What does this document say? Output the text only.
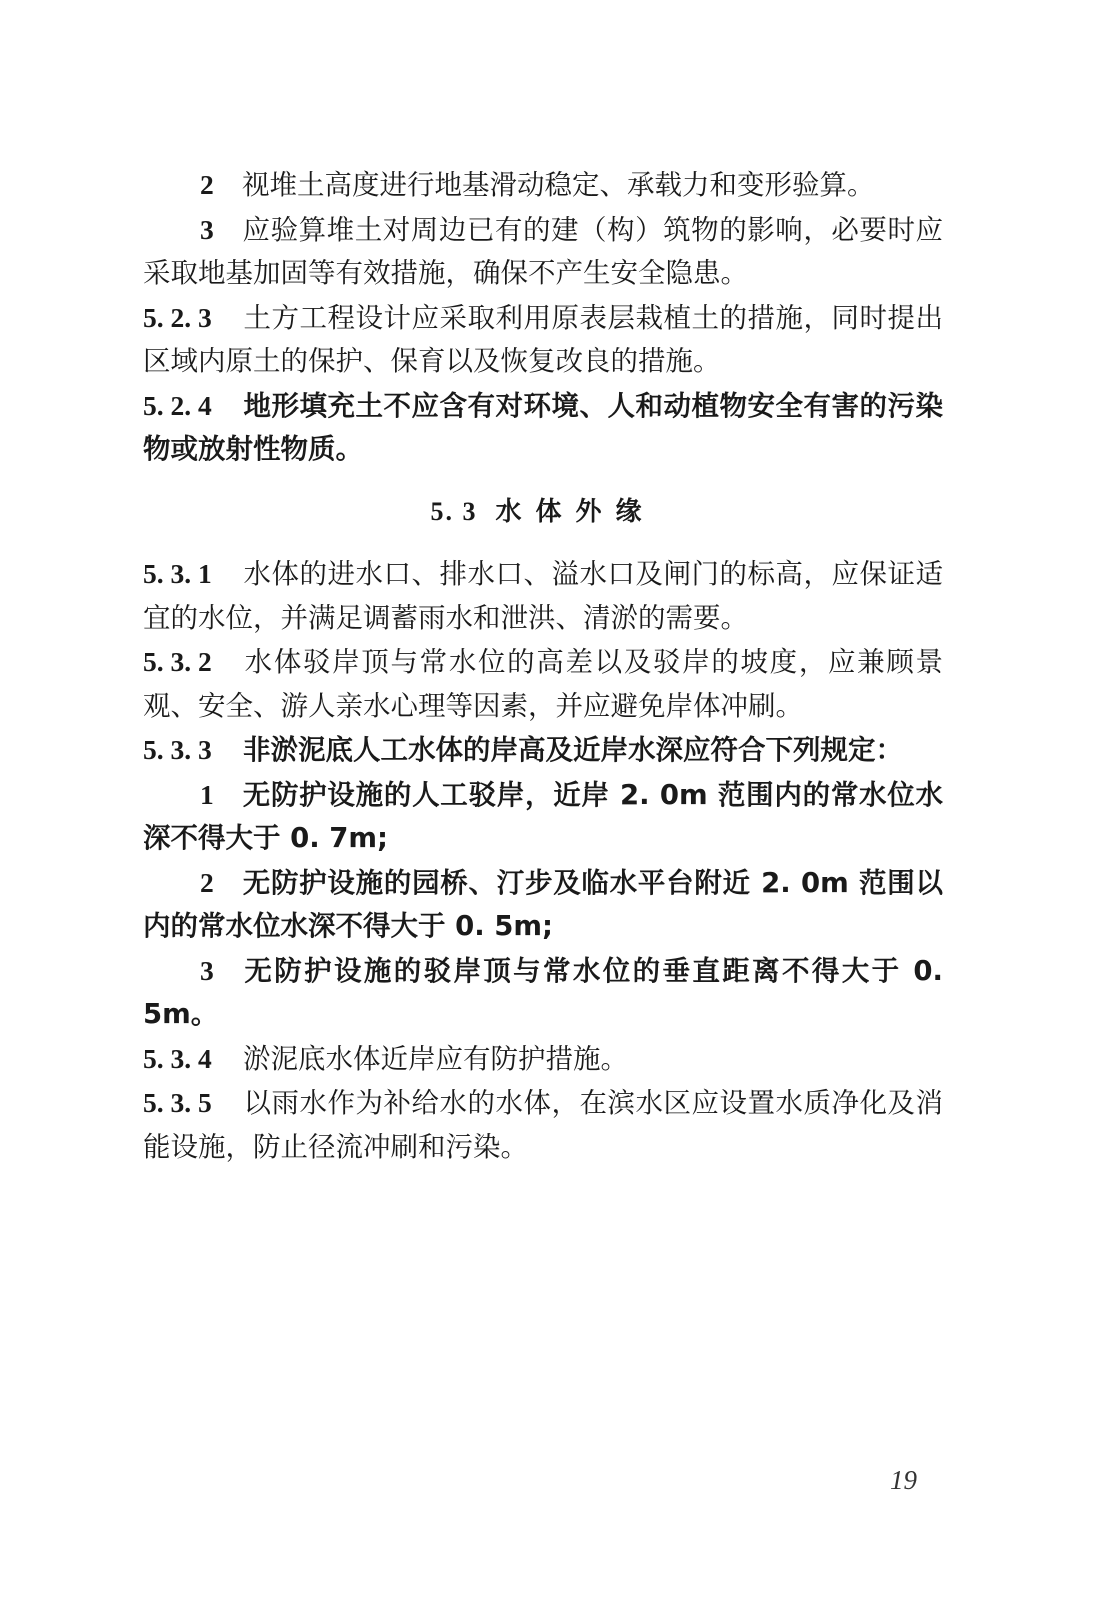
2 视堆土高度进行地基滑动稳定、承载力和变形验算。

3 应验算堆土对周边已有的建（构）筑物的影响，必要时应采取地基加固等有效措施，确保不产生安全隐患。

5. 2. 3 土方工程设计应采取利用原表层栽植土的措施，同时提出区域内原土的保护、保育以及恢复改良的措施。

5. 2. 4 地形填充土不应含有对环境、人和动植物安全有害的污染物或放射性物质。

5. 3 水体外缘

5. 3. 1 水体的进水口、排水口、溢水口及闸门的标高，应保证适宜的水位，并满足调蓄雨水和泄洪、清淤的需要。

5. 3. 2 水体驳岸顶与常水位的高差以及驳岸的坡度，应兼顾景观、安全、游人亲水心理等因素，并应避免岸体冲刷。

5. 3. 3 非淤泥底人工水体的岸高及近岸水深应符合下列规定：

1 无防护设施的人工驳岸，近岸 2. 0m 范围内的常水位水深不得大于 0. 7m;

2 无防护设施的园桥、汀步及临水平台附近 2. 0m 范围以内的常水位水深不得大于 0. 5m;

3 无防护设施的驳岸顶与常水位的垂直距离不得大于 0. 5m。

5. 3. 4 淤泥底水体近岸应有防护措施。

5. 3. 5 以雨水作为补给水的水体，在滨水区应设置水质净化及消能设施，防止径流冲刷和污染。

19
